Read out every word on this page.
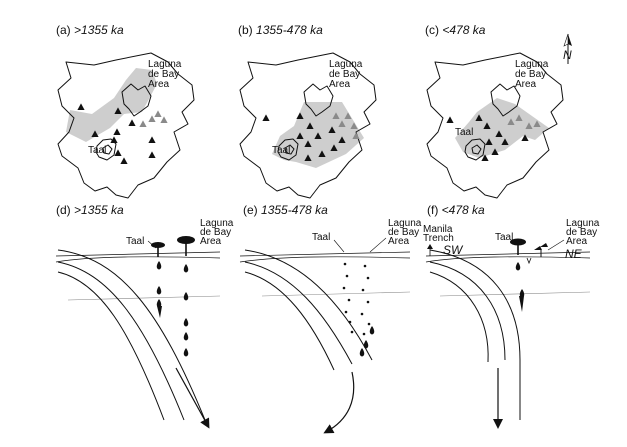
(a) >1355 ka
Taal
Laguna
de Bay
Area
(b) 1355-478 ka
Taal
Laguna
de Bay
Area
(c) <478 ka
Taal
Laguna
de Bay
Area
N
(d) >1355 ka
Taal
Laguna
de Bay
Area
(e) 1355-478 ka
Taal
Laguna
de Bay
Area
(f) <478 ka
Manila
Trench
SW	NE
Taal
Laguna
de Bay
Area
